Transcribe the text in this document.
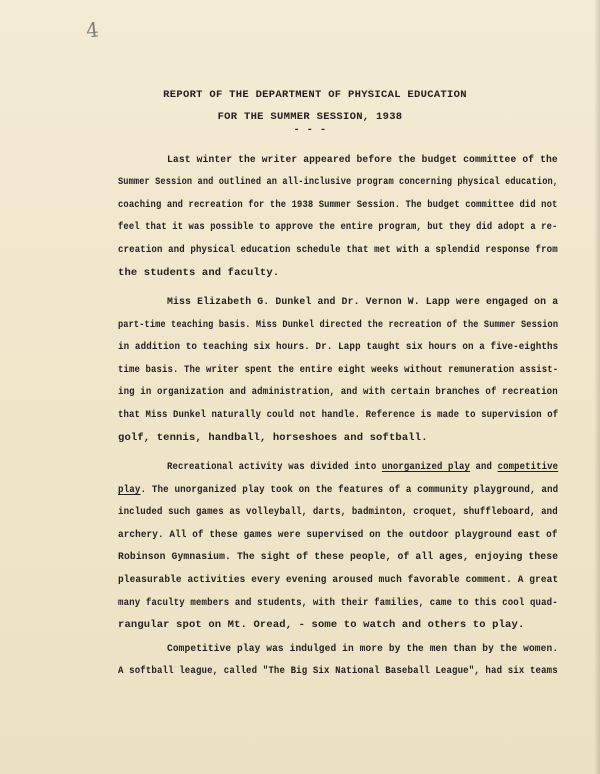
4
REPORT OF THE DEPARTMENT OF PHYSICAL EDUCATION
FOR THE SUMMER SESSION, 1938
- - -
Last winter the writer appeared before the budget committee of the
Summer Session and outlined an all-inclusive program concerning physical education,
coaching and recreation for the 1938 Summer Session. The budget committee did not
feel that it was possible to approve the entire program, but they did adopt a re-
creation and physical education schedule that met with a splendid response from
the students and faculty.
Miss Elizabeth G. Dunkel and Dr. Vernon W. Lapp were engaged on a
part-time teaching basis. Miss Dunkel directed the recreation of the Summer Session
in addition to teaching six hours. Dr. Lapp taught six hours on a five-eighths
time basis. The writer spent the entire eight weeks without remuneration assist-
ing in organization and administration, and with certain branches of recreation
that Miss Dunkel naturally could not handle. Reference is made to supervision of
golf, tennis, handball, horseshoes and softball.
Recreational activity was divided into unorganized play and competitive
play. The unorganized play took on the features of a community playground, and
included such games as volleyball, darts, badminton, croquet, shuffleboard, and
archery. All of these games were supervised on the outdoor playground east of
Robinson Gymnasium. The sight of these people, of all ages, enjoying these
pleasurable activities every evening aroused much favorable comment. A great
many faculty members and students, with their families, came to this cool quad-
rangular spot on Mt. Oread, - some to watch and others to play.
Competitive play was indulged in more by the men than by the women.
A softball league, called "The Big Six National Baseball League", had six teams
